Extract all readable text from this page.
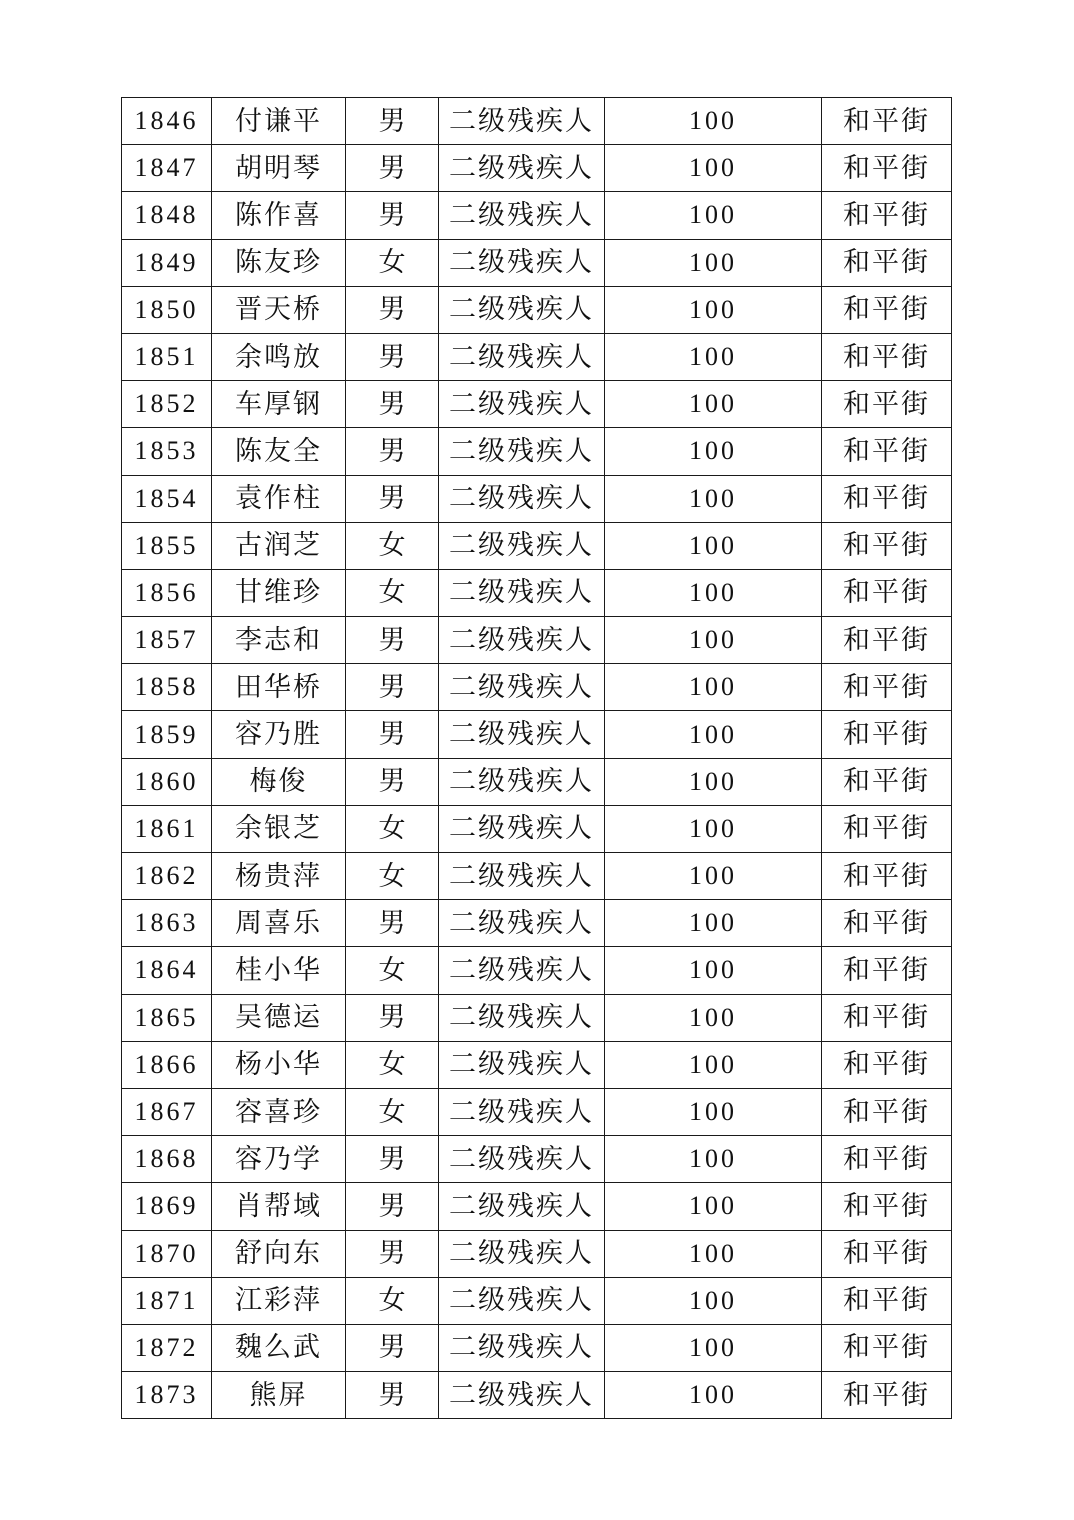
1846	付谦平	男	二级残疾人	100	和平街
1847	胡明琴	男	二级残疾人	100	和平街
1848	陈作喜	男	二级残疾人	100	和平街
1849	陈友珍	女	二级残疾人	100	和平街
1850	晋天桥	男	二级残疾人	100	和平街
1851	余鸣放	男	二级残疾人	100	和平街
1852	车厚钢	男	二级残疾人	100	和平街
1853	陈友全	男	二级残疾人	100	和平街
1854	袁作柱	男	二级残疾人	100	和平街
1855	古润芝	女	二级残疾人	100	和平街
1856	甘维珍	女	二级残疾人	100	和平街
1857	李志和	男	二级残疾人	100	和平街
1858	田华桥	男	二级残疾人	100	和平街
1859	容乃胜	男	二级残疾人	100	和平街
1860	梅俊	男	二级残疾人	100	和平街
1861	余银芝	女	二级残疾人	100	和平街
1862	杨贵萍	女	二级残疾人	100	和平街
1863	周喜乐	男	二级残疾人	100	和平街
1864	桂小华	女	二级残疾人	100	和平街
1865	吴德运	男	二级残疾人	100	和平街
1866	杨小华	女	二级残疾人	100	和平街
1867	容喜珍	女	二级残疾人	100	和平街
1868	容乃学	男	二级残疾人	100	和平街
1869	肖帮域	男	二级残疾人	100	和平街
1870	舒向东	男	二级残疾人	100	和平街
1871	江彩萍	女	二级残疾人	100	和平街
1872	魏么武	男	二级残疾人	100	和平街
1873	熊屏	男	二级残疾人	100	和平街
